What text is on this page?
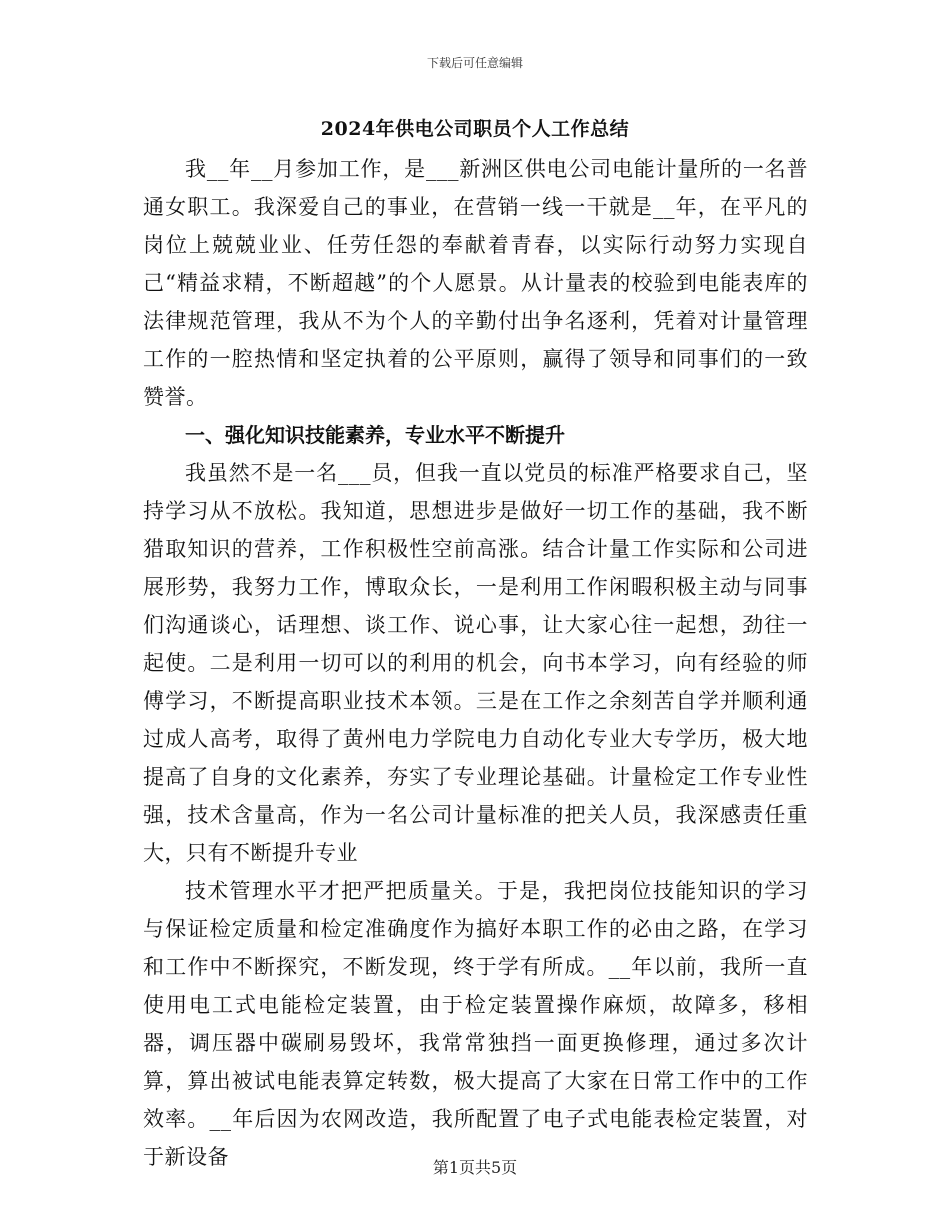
下载后可任意编辑
2024年供电公司职员个人工作总结

我__年__月参加工作，是___新洲区供电公司电能计量所的一名普通女职工。我深爱自己的事业，在营销一线一干就是__年，在平凡的岗位上兢兢业业、任劳任怨的奉献着青春，以实际行动努力实现自己“精益求精，不断超越”的个人愿景。从计量表的校验到电能表库的法律规范管理，我从不为个人的辛勤付出争名逐利，凭着对计量管理工作的一腔热情和坚定执着的公平原则，赢得了领导和同事们的一致赞誉。

一、强化知识技能素养，专业水平不断提升

我虽然不是一名___员，但我一直以党员的标准严格要求自己，坚持学习从不放松。我知道，思想进步是做好一切工作的基础，我不断猎取知识的营养，工作积极性空前高涨。结合计量工作实际和公司进展形势，我努力工作，博取众长，一是利用工作闲暇积极主动与同事们沟通谈心，话理想、谈工作、说心事，让大家心往一起想，劲往一起使。二是利用一切可以的利用的机会，向书本学习，向有经验的师傅学习，不断提高职业技术本领。三是在工作之余刻苦自学并顺利通过成人高考，取得了黄州电力学院电力自动化专业大专学历，极大地提高了自身的文化素养，夯实了专业理论基础。计量检定工作专业性强，技术含量高，作为一名公司计量标准的把关人员，我深感责任重大，只有不断提升专业

技术管理水平才把严把质量关。于是，我把岗位技能知识的学习与保证检定质量和检定准确度作为搞好本职工作的必由之路，在学习和工作中不断探究，不断发现，终于学有所成。__年以前，我所一直使用电工式电能检定装置，由于检定装置操作麻烦，故障多，移相器，调压器中碳刷易毁坏，我常常独挡一面更换修理，通过多次计算，算出被试电能表算定转数，极大提高了大家在日常工作中的工作效率。__年后因为农网改造，我所配置了电子式电能表检定装置，对于新设备	第1页共5页
